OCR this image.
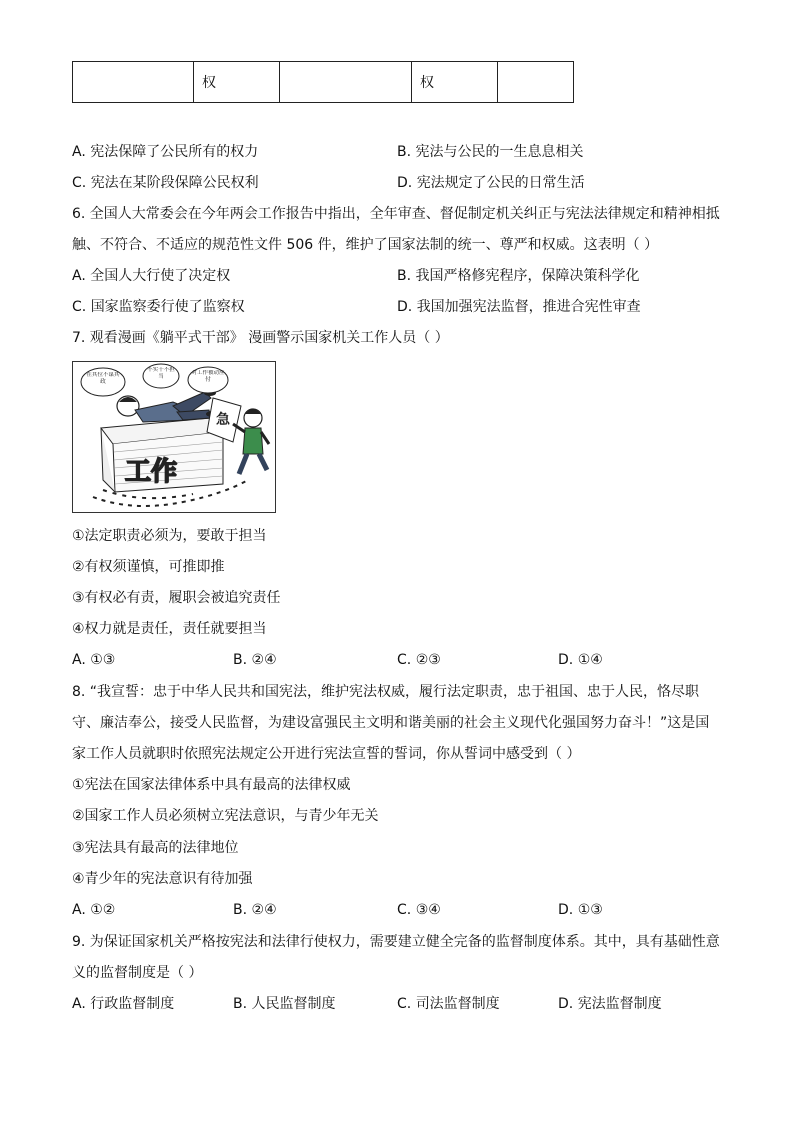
	权		权	
A. 宪法保障了公民所有的权力	B. 宪法与公民的一生息息相关
C. 宪法在某阶段保障公民权利	D. 宪法规定了公民的日常生活
6. 全国人大常委会在今年两会工作报告中指出，全年审查、督促制定机关纠正与宪法法律规定和精神相抵
触、不符合、不适应的规范性文件 506 件，维护了国家法制的统一、尊严和权威。这表明（ ）
A. 全国人大行使了决定权	B. 我国严格修宪程序，保障决策科学化
C. 国家监察委行使了监察权	D. 我国加强宪法监督，推进合宪性审查
7. 观看漫画《躺平式干部》 漫画警示国家机关工作人员（ ）
工作
急
在其位不谋其政
不实干不担当
对工作被动应付
①法定职责必须为，要敢于担当
②有权须谨慎，可推即推
③有权必有责，履职会被追究责任
④权力就是责任，责任就要担当
A. ①③	B. ②④	C. ②③	D. ①④
8. “我宣誓：忠于中华人民共和国宪法，维护宪法权威，履行法定职责，忠于祖国、忠于人民，恪尽职
守、廉洁奉公，接受人民监督，为建设富强民主文明和谐美丽的社会主义现代化强国努力奋斗！”这是国
家工作人员就职时依照宪法规定公开进行宪法宣誓的誓词，你从誓词中感受到（ ）
①宪法在国家法律体系中具有最高的法律权威
②国家工作人员必须树立宪法意识，与青少年无关
③宪法具有最高的法律地位
④青少年的宪法意识有待加强
A. ①②	B. ②④	C. ③④	D. ①③
9. 为保证国家机关严格按宪法和法律行使权力，需要建立健全完备的监督制度体系。其中，具有基础性意
义的监督制度是（ ）
A. 行政监督制度	B. 人民监督制度	C. 司法监督制度	D. 宪法监督制度
